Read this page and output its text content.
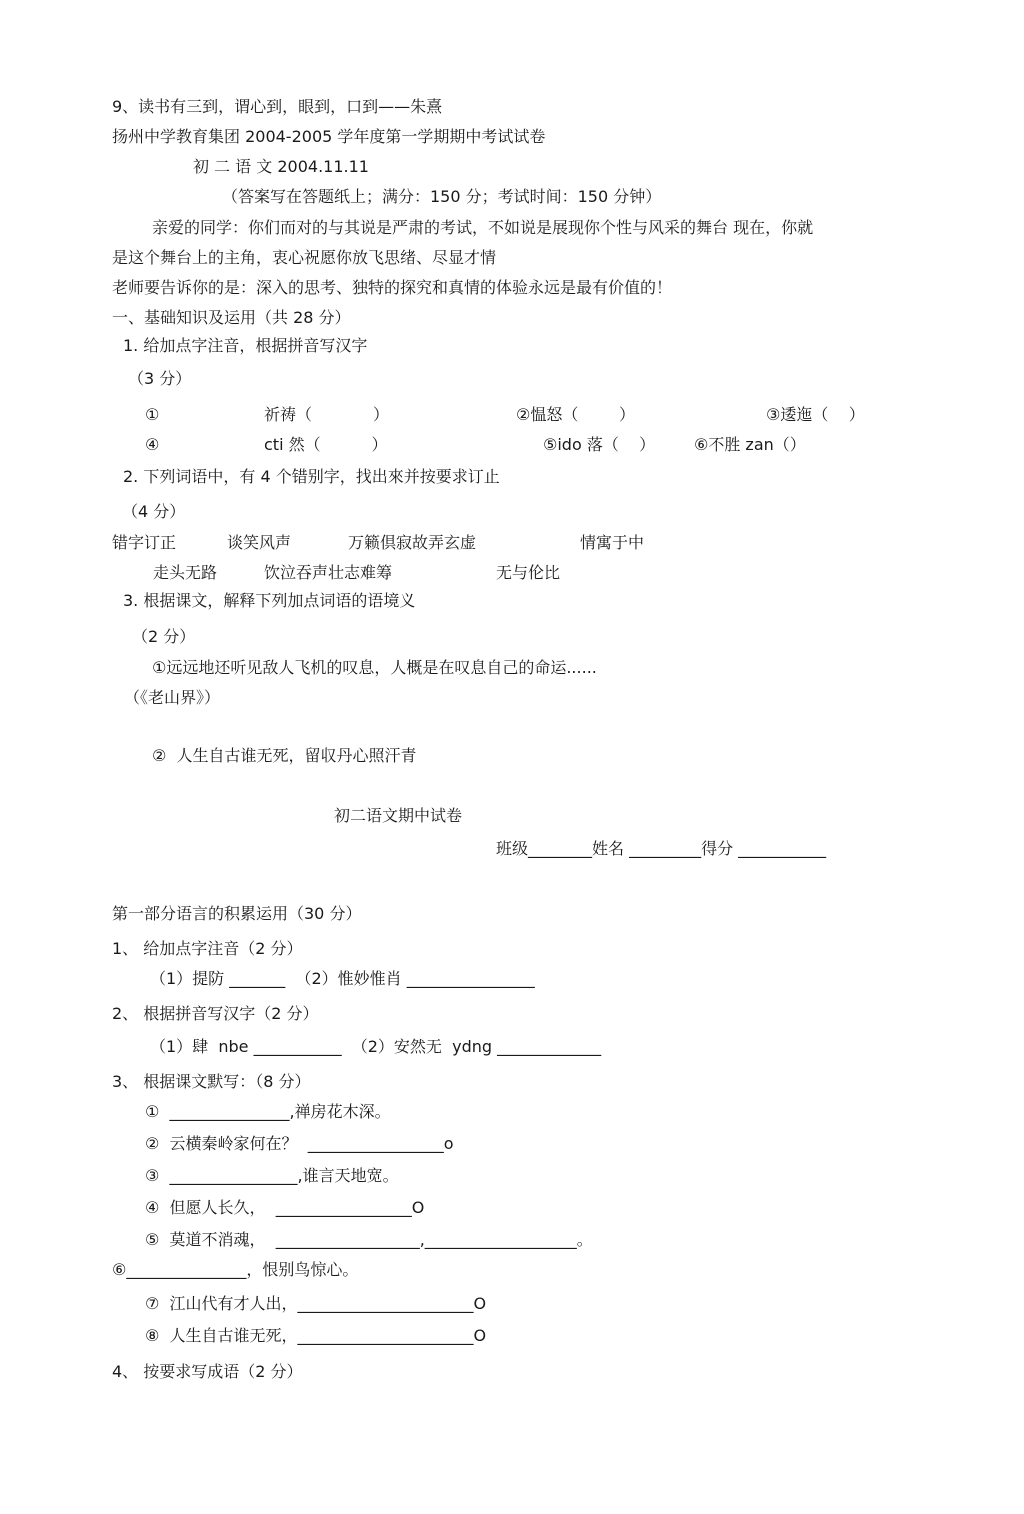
9、读书有三到，谓心到，眼到，口到——朱熹
扬州中学教育集团 2004-2005 学年度第一学期期中考试试卷
初 二 语 文 2004.11.11
（答案写在答题纸上；满分：150 分；考试时间：150 分钟）
亲爱的同学：你们而对的与其说是严肃的考试，不如说是展现你个性与风采的舞台 现在，你就
是这个舞台上的主角，衷心祝愿你放飞思绪、尽显才情
老师要告诉你的是：深入的思考、独特的探究和真情的体验永远是最有价值的！
一、基础知识及运用（共 28 分）
1. 给加点字注音，根据拼音写汉字
（3 分）
①	祈祷（            ）	②愠怒（        ）	③逶迤（    ）
④	cti 然（          ）	⑤ido 落（    ） ⑥不胜 zan（）
2. 下列词语中，有 4 个错别字，找出來并按要求订止
（4 分）
错字订正	谈笑风声	万籁倶寂故弄玄虚	情寓于中
走头无路	饮泣吞声壮志难筹	无与伦比
3. 根据课文，解释下列加点词语的语境义
（2 分）
①远远地还听见敌人飞机的叹息，人概是在叹息自己的命运......
（《老山界》）
②  人生自古谁无死，留収丹心照汗青
初二语文期中试卷
班级________姓名 _________得分 ___________
第一部分语言的积累运用（30 分）
1、 给加点字注音（2 分）
（1）提防 _______  （2）惟妙惟肖 ________________
2、 根据拼音写汉字（2 分）
（1）肆  nbe ___________  （2）安然无  ydng _____________
3、 根据课文默写：（8 分）
①  _______________,禅房花木深。
②  云横秦岭家何在？  _________________o
③  ________________,谁言天地宽。
④  但愿人长久，  _________________O
⑤  莫道不消魂，  __________________,___________________。
⑥_______________，恨别鸟惊心。
⑦  江山代有才人出，______________________O
⑧  人生自古谁无死，______________________O
4、 按要求写成语（2 分）
